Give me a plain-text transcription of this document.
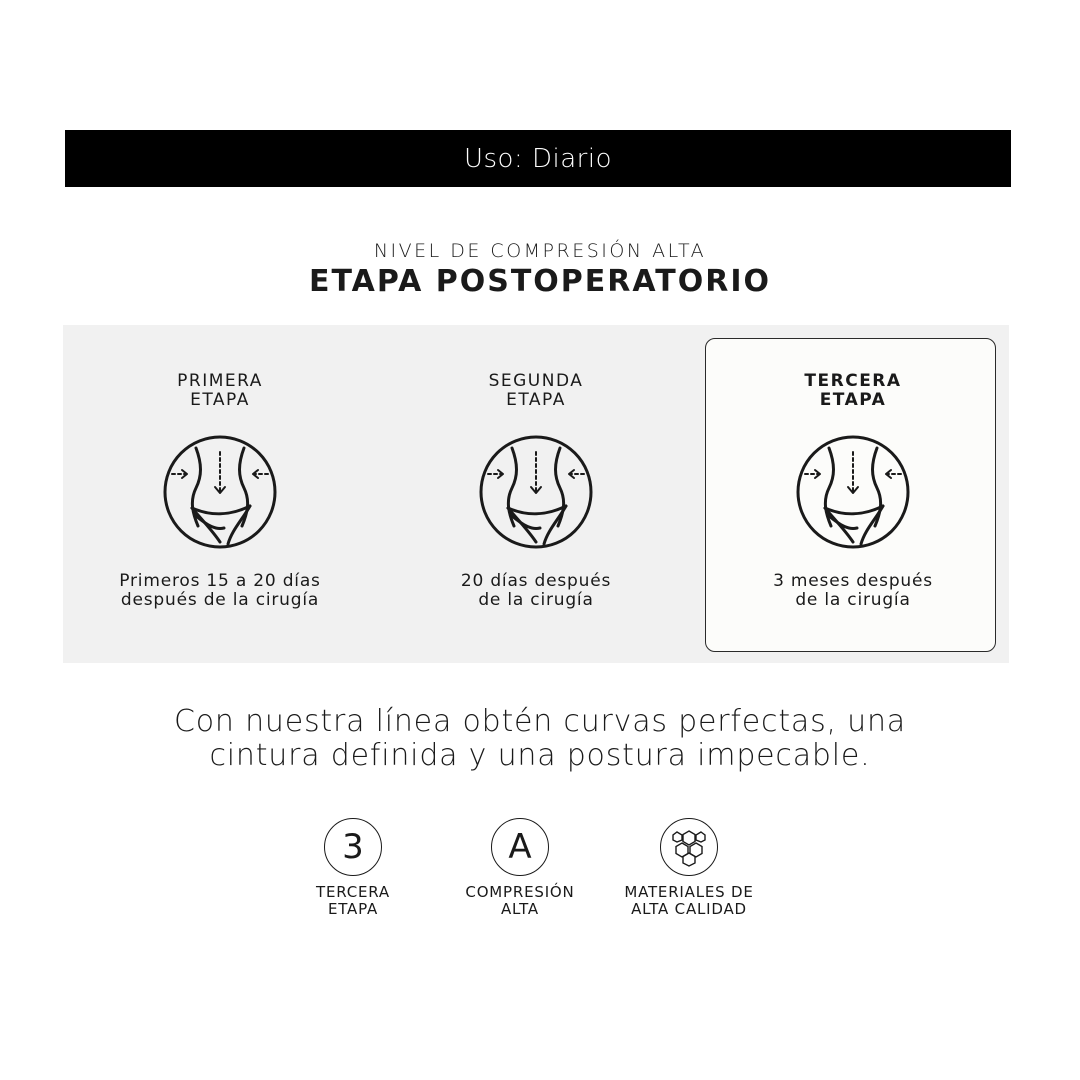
Uso: Diario
NIVEL DE COMPRESIÓN ALTA
ETAPA POSTOPERATORIO
PRIMERA
ETAPA
Primeros 15 a 20 días
después de la cirugía
SEGUNDA
ETAPA
20 días después
de la cirugía
TERCERA
ETAPA
3 meses después
de la cirugía
Con nuestra línea obtén curvas perfectas, una
cintura definida y una postura impecable.
3
TERCERA
ETAPA
A
COMPRESIÓN
ALTA
MATERIALES DE
ALTA CALIDAD
